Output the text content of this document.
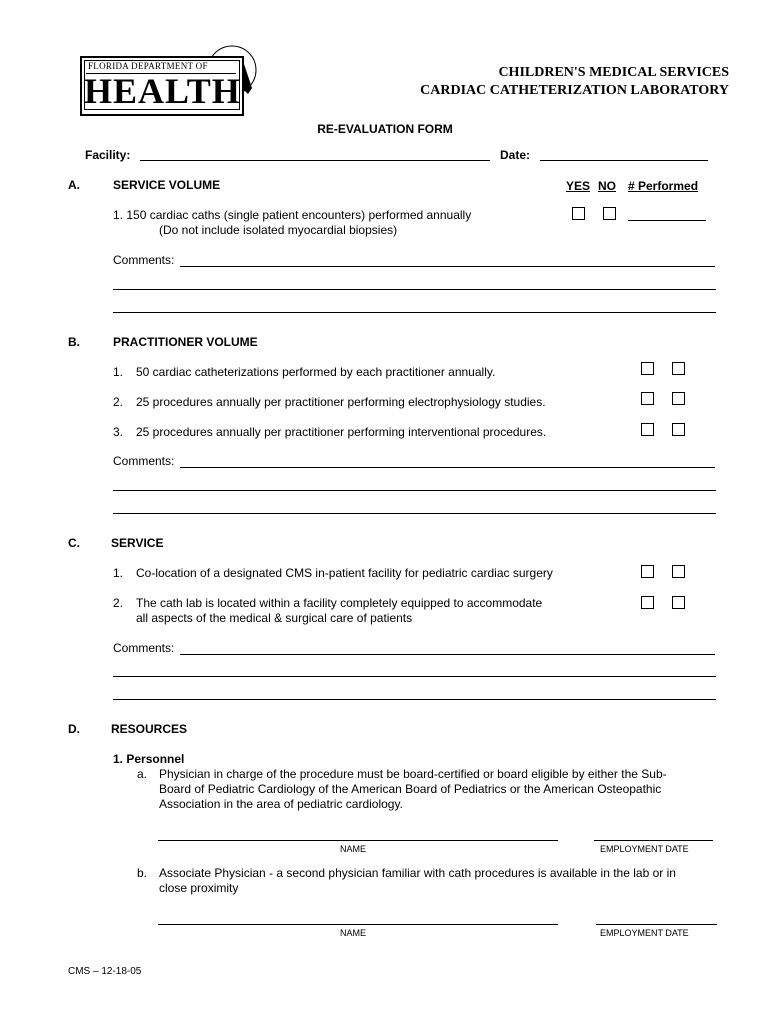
FLORIDA DEPARTMENT OF
HEALTH	CHILDREN'S MEDICAL SERVICES
CARDIAC CATHETERIZATION LABORATORY
RE-EVALUATION FORM
Facility:	Date:
A.	SERVICE VOLUME	YES NO # Performed
1. 150 cardiac caths (single patient encounters) performed annually
(Do not include isolated myocardial biopsies)
Comments:
B.	PRACTITIONER VOLUME
1. 50 cardiac catheterizations performed by each practitioner annually.
2. 25 procedures annually per practitioner performing electrophysiology studies.
3. 25 procedures annually per practitioner performing interventional procedures.
Comments:
C.	SERVICE
1. Co-location of a designated CMS in-patient facility for pediatric cardiac surgery
2. The cath lab is located within a facility completely equipped to accommodate
all aspects of the medical & surgical care of patients
Comments:
D.	RESOURCES
1. Personnel
a. Physician in charge of the procedure must be board-certified or board eligible by either the Sub-
Board of Pediatric Cardiology of the American Board of Pediatrics or the American Osteopathic
Association in the area of pediatric cardiology.
NAME	EMPLOYMENT DATE
b. Associate Physician - a second physician familiar with cath procedures is available in the lab or in
close proximity
NAME	EMPLOYMENT DATE
CMS – 12-18-05
